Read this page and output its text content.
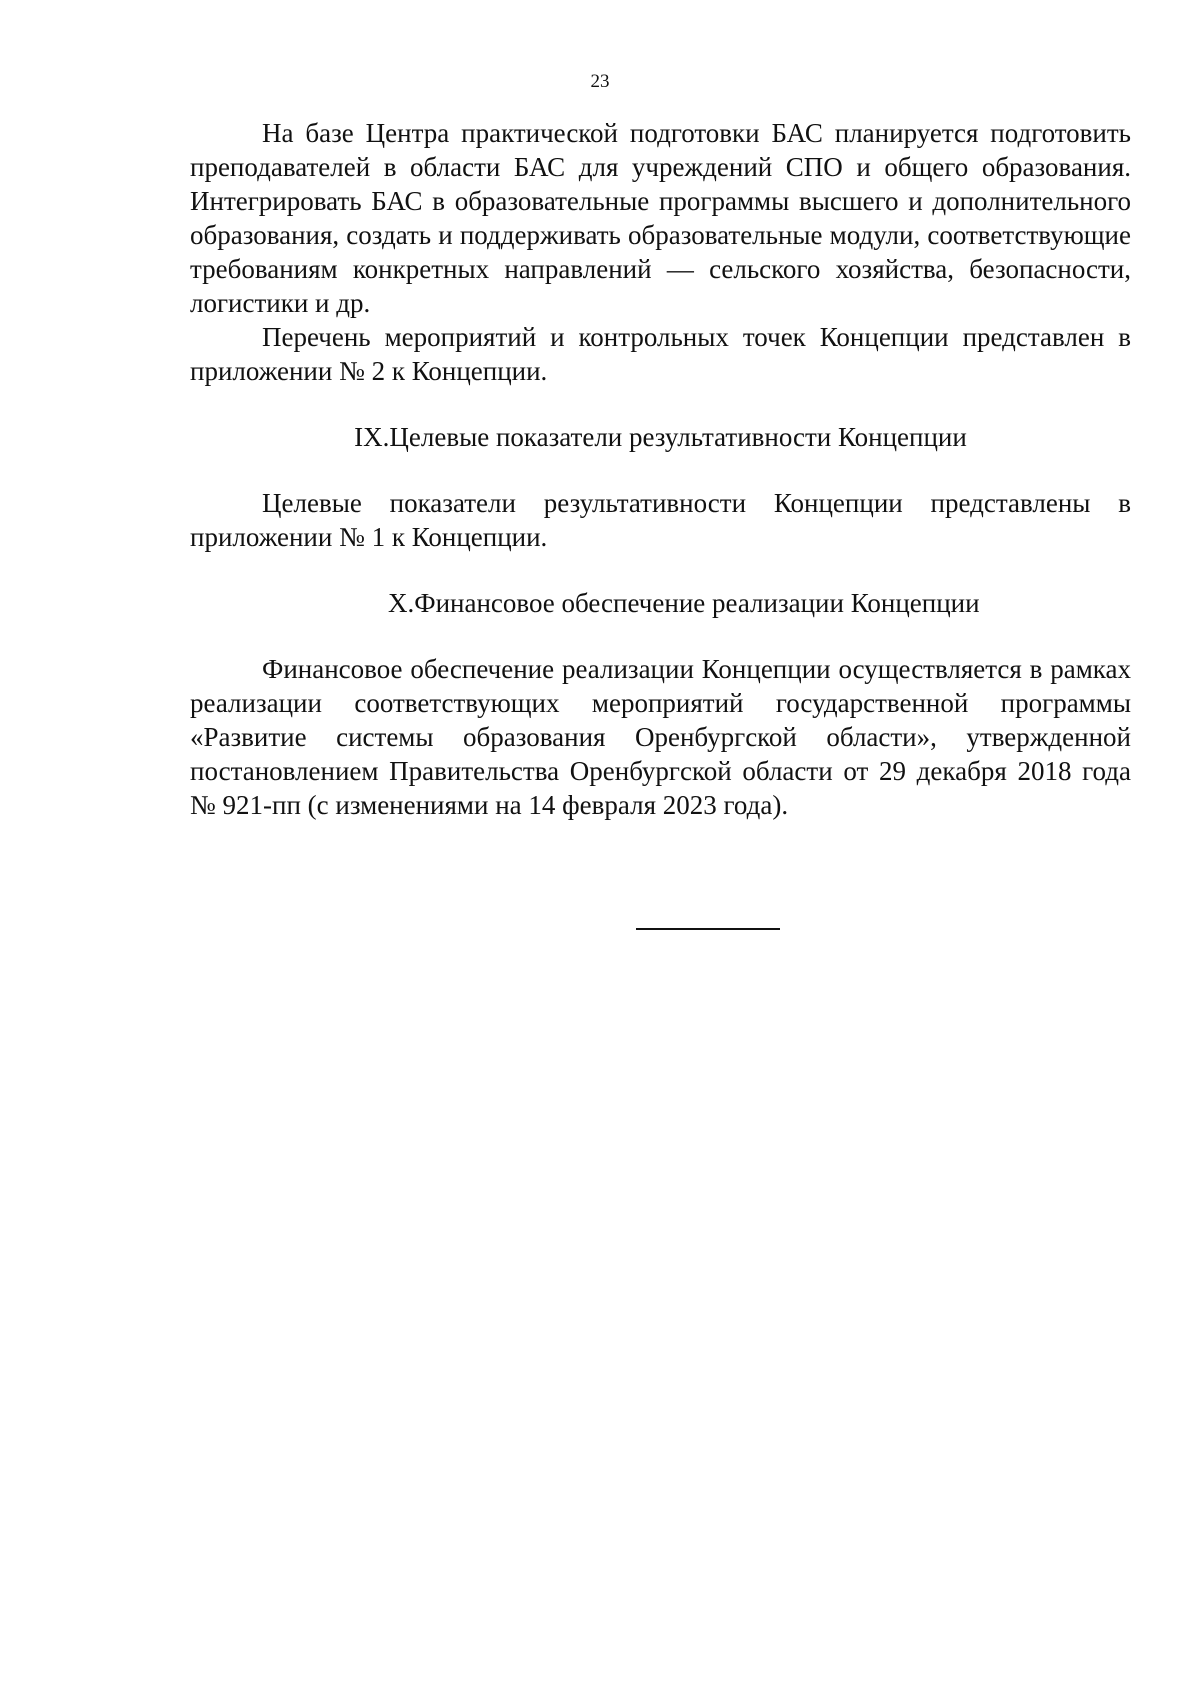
23

На базе Центра практической подготовки БАС планируется подготовить преподавателей в области БАС для учреждений СПО и общего образования. Интегрировать БАС в образовательные программы высшего и дополнительного образования, создать и поддерживать образовательные модули, соответствующие требованиям конкретных направлений — сельского хозяйства, безопасности, логистики и др.

Перечень мероприятий и контрольных точек Концепции представлен в приложении № 2 к Концепции.

IX.Целевые показатели результативности Концепции

Целевые показатели результативности Концепции представлены в приложении № 1 к Концепции.

X.Финансовое обеспечение реализации Концепции

Финансовое обеспечение реализации Концепции осуществляется в рамках реализации соответствующих мероприятий государственной программы «Развитие системы образования Оренбургской области», утвержденной постановлением Правительства Оренбургской области от 29 декабря 2018 года № 921-пп (с изменениями на 14 февраля 2023 года).
